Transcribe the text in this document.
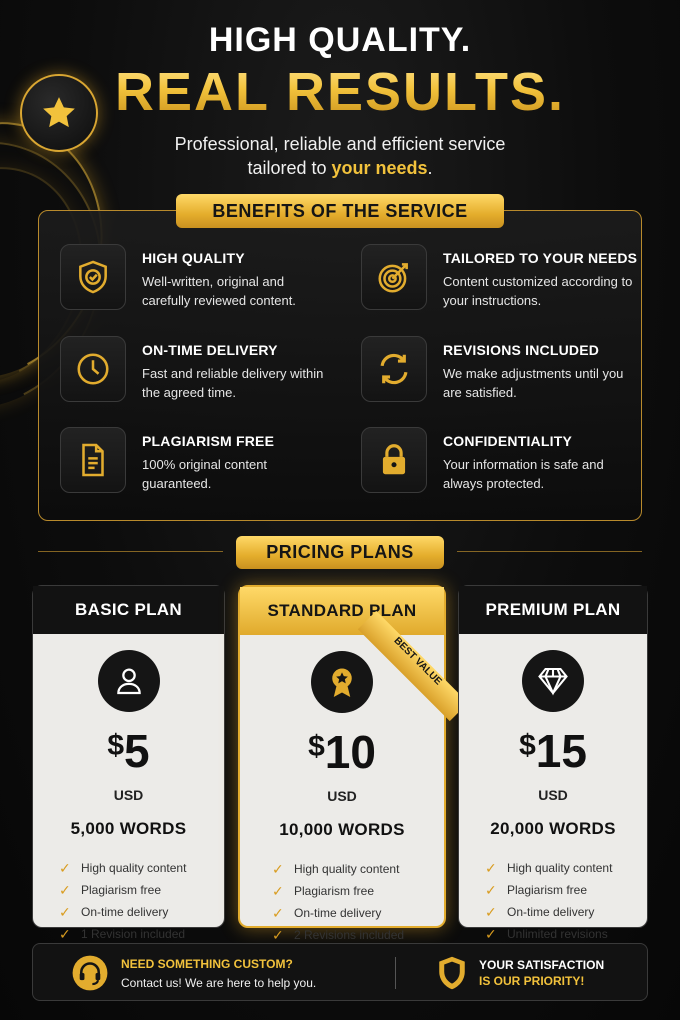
HIGH QUALITY.
REAL RESULTS.

Professional, reliable and efficient service
tailored to your needs.

BENEFITS OF THE SERVICE
HIGH QUALITY
Well-written, original and carefully reviewed content.
TAILORED TO YOUR NEEDS
Content customized according to your instructions.
ON-TIME DELIVERY
Fast and reliable delivery within the agreed time.
REVISIONS INCLUDED
We make adjustments until you are satisfied.
PLAGIARISM FREE
100% original content guaranteed.
CONFIDENTIALITY
Your information is safe and always protected.
PRICING PLANS
BASIC PLAN
$5
USD
5,000 WORDS
✓ High quality content
✓ Plagiarism free
✓ On-time delivery
✓ 1 Revision included
STANDARD PLAN
BEST VALUE
$10
USD
10,000 WORDS
✓ High quality content
✓ Plagiarism free
✓ On-time delivery
✓ 2 Revisions included
PREMIUM PLAN
$15
USD
20,000 WORDS
✓ High quality content
✓ Plagiarism free
✓ On-time delivery
✓ Unlimited revisions
NEED SOMETHING CUSTOM?
Contact us! We are here to help you.
YOUR SATISFACTION
IS OUR PRIORITY!
